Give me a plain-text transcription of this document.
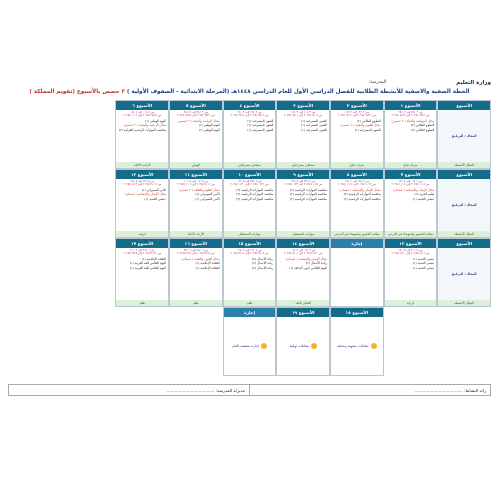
وزارة التعليم
المدرسة:
الخطة الصفية والاصفية للأنشطة الطلابية للفصل الدراسي الأول للعام الدراسي ١٤٤٨هـ (المرحلة الابتدائية - الصفوف الأولية ) ٣ حصص بالأسبوع (تقويم المملكة )
الأسبوع
المجال / البرنامج
المجال الأنشطة
الأسبوع ١
من ٢٥/٠٢ إلى ٢٩/٠٢
من ٢٠٢٥/٠٨/٢٤ إلى ٢٠٢٥/٠٨/٢٨
مجال المواطنة والحياة ( ٢ حصص)
التطوع الطلابي (٢)
التطوع الطلابي (٢)
ضرابة تجاع
الأسبوع ٢
من ٠٣/٠٣ إلى ٠٧/٠٣
من ٢٠٢٥/٠٨/٣١ إلى ٢٠٢٥/٠٩/٠٤
التطوع الطلابي (٢)
مجال الفنون والتقنية ( ١ حصص)
الفنون المسرحية (١)
ضرابة تجاع
الأسبوع ٣
من ١٠/٠٣ إلى ١٤/٠٣
من ٢٠٢٥/٠٩/٠٧ إلى ٢٠٢٥/٠٩/١١
الفنون المسرحية (١)
الفنون المسرحية (١)
الفنون المسرحية (١)
مصلحي مسرحيلي
الأسبوع ٤
من ١٧/٠٣ إلى ٢١/٠٣
من ٢٠٢٥/٠٩/١٤ إلى ٢٠٢٥/٠٩/١٨
الفنون المسرحية (١)
الفنون المسرحية (١)
الفنون المسرحية (١)
مصلحي مسرحيلي
الأسبوع ٥
من ٢٤/٠٣ إلى ٢٨/٠٣
من ٢٠٢٥/٠٩/٢١ إلى ٢٠٢٥/٠٩/٢٥
مجال الرياضة والصحة ( ٢ حصص)
اليوم الوطني (١)
اليوم الوطني (١)
الوطن
الأسبوع ٦
من ٠١/٠٤ إلى ٠٥/٠٤
من ٢٠٢٥/٠٩/٢٨ إلى ٢٠٢٥/١٠/٠٢
اليوم الوطني (١)
مجال الرياضة والصحة ( ٢ حصص)
منافسة المهارات الرياضية القرابية (٢)
الأرباب الآجلة
الأسبوع
المجال / البرنامج
المجال الأنشطة
الأسبوع ٧
من ٠٨/٠٤ إلى ١٢/٠٤
من ٢٠٢٥/١٠/٠٥ إلى ٢٠٢٥/١٠/٠٩
مجال الإيمان والإنسانية ( حصتان)
تعليم الحرية (١)
عيشي الحمية (١)
سلامة الحضور ولضوضاء في الذرعي
الأسبوع ٨
من ١٥/٠٤ إلى ١٩/٠٤
من ٢٠٢٥/١٠/١٢ إلى ٢٠٢٥/١٠/١٦
مجال الإيمان والإنسانية ( حصتان)
منافسة المهارات الرياضية (٢)
منافسة المهارات الرياضية (٢)
سلامة الحضور ولضوضاء في الذرعي
الأسبوع ٩
من ٢٢/٠٤ إلى ٢٦/٠٤
من ٢٠٢٥/١٠/١٩ إلى ٢٠٢٥/١٠/٢٣
منافسة المهارات الرياضية (٢)
منافسة المهارات الرياضية (٢)
منافسة المهارات الرياضية (٢)
مهارات المستقبل
الأسبوع ١٠
من ٢٩/٠٤ إلى ٠٣/٠٥
من ٢٠٢٥/١٠/٢٦ إلى ٢٠٢٥/١٠/٣٠
منافسة المهارات الرياضية (٢)
منافسة المهارات الرياضية (٢)
منافسة المهارات الرياضية (٢)
مهارات المستقبل
الأسبوع ١١
من ٠٦/٠٥ إلى ١٠/٠٥
من ٢٠٢٥/١١/٠٢ إلى ٢٠٢٥/١١/٠٦
مجال العلوم والثقافة ( ٢ حصص)
الأمن السيبراني (١)
الأمن السيبراني (١)
الأرباب الآجلة
الأسبوع ١٢
من ١٣/٠٥ إلى ١٧/٠٥
من ٢٠٢٥/١١/٠٩ إلى ٢٠٢٥/١١/١٣
الأمن السيبراني (١)
مجال الإيمان والإنسانية ( حصتان)
عيشي الحمية (١)
ابرياية
الأسبوع
المجال / البرنامج
المجال الأنشطة
الأسبوع ١٣
من ٢٠/٠٥ إلى ٢٤/٠٥
من ٢٠٢٥/١١/١٦ إلى ٢٠٢٥/١١/٢٠
عيشي الحمية (١)
عيشي الحمية (١)
عيشي الحمية (١)
ابرياية
إجازة
الأسبوع ١٤
من ٠٥/٠٦ إلى ٠٩/٠٦
من ٢٠٢٥/١١/٣٠ إلى ٢٠٢٥/١٢/٠٤
مجال الإيمان والإنسانية ( حصتان)
ريادة الأعمال (٢)
اليوم العالمي لذوي الإعاقة (١)
التفكير الناقد
الأسبوع ١٥
من ١٢/٠٦ إلى ١٦/٠٦
من ٢٠٢٥/١٢/٠٧ إلى ٢٠٢٥/١٢/١١
ريادة الأعمال (٢)
ريادة الأعمال (٢)
ريادة الأعمال (٢)
ظلم
الأسبوع ١٦
من ١٩/٠٦ إلى ٢٣/٠٦
من ٢٠٢٥/١٢/١٤ إلى ٢٠٢٥/١٢/١٨
مجال الفنون والتقنية ( حصتان)
الثقافة الإعلامية (١)
الثقافة الإعلامية (١)
ظلم
الأسبوع ١٧
من ٢٦/٠٦ إلى ٣٠/٠٦
من ٢٠٢٥/١٢/٢١ إلى ٢٠٢٥/١٢/٢٥
الثقافة الإعلامية (١)
اليوم العالمي للغة العربية (١)
اليوم العالمي للغة العربية (١)
ظلم
الأسبوع ١٨
مقابلات شفهية وعملية
الأسبوع ١٩
مقابلات نهائية
إجازة
إجازة منتصف العام
رائد النشاط: ....................................
مدير/ة المدرسة: ....................................
